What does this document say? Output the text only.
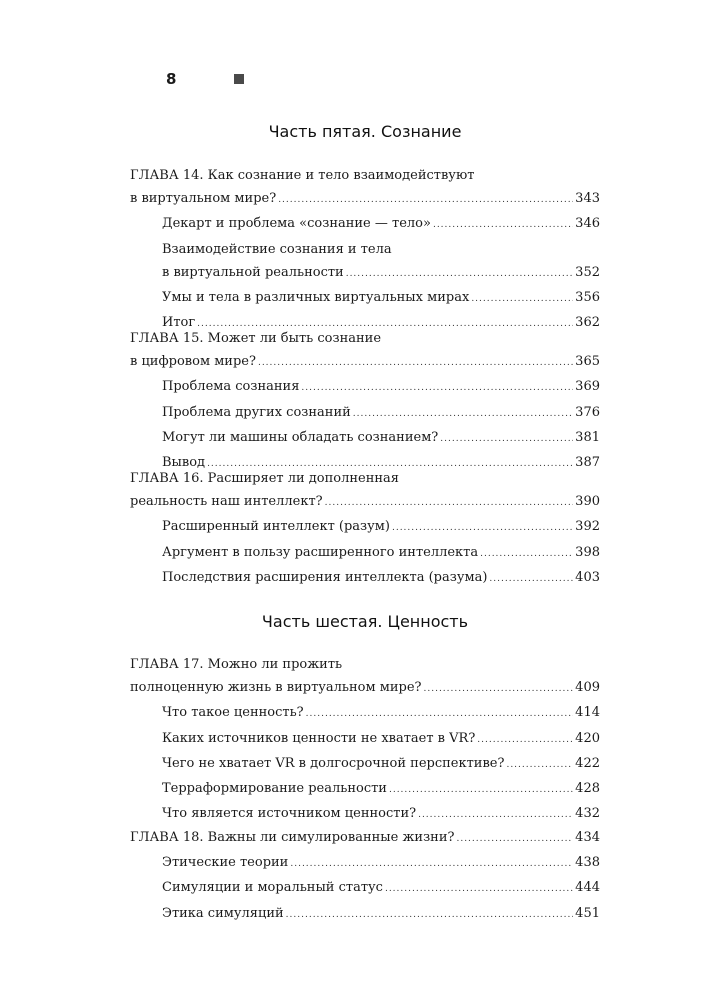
8
Часть пятая. Сознание
ГЛАВА 14. Как сознание и тело взаимодействуют
в виртуальном мире? .....	343
Декарт и проблема «сознание — тело» .....	346
Взаимодействие сознания и тела
в виртуальной реальности .....	352
Умы и тела в различных виртуальных мирах .....	356
Итог .....	362
ГЛАВА 15. Может ли быть сознание
в цифровом мире? .....	365
Проблема сознания .....	369
Проблема других сознаний .....	376
Могут ли машины обладать сознанием? .....	381
Вывод .....	387
ГЛАВА 16. Расширяет ли дополненная
реальность наш интеллект? .....	390
Расширенный интеллект (разум) .....	392
Аргумент в пользу расширенного интеллекта .....	398
Последствия расширения интеллекта (разума) .....	403
Часть шестая. Ценность
ГЛАВА 17. Можно ли прожить
полноценную жизнь в виртуальном мире? .....	409
Что такое ценность? .....	414
Каких источников ценности не хватает в VR? .....	420
Чего не хватает VR в долгосрочной перспективе? .....	422
Терраформирование реальности .....	428
Что является источником ценности? .....	432
ГЛАВА 18. Важны ли симулированные жизни? .....	434
Этические теории .....	438
Симуляции и моральный статус .....	444
Этика симуляций .....	451
